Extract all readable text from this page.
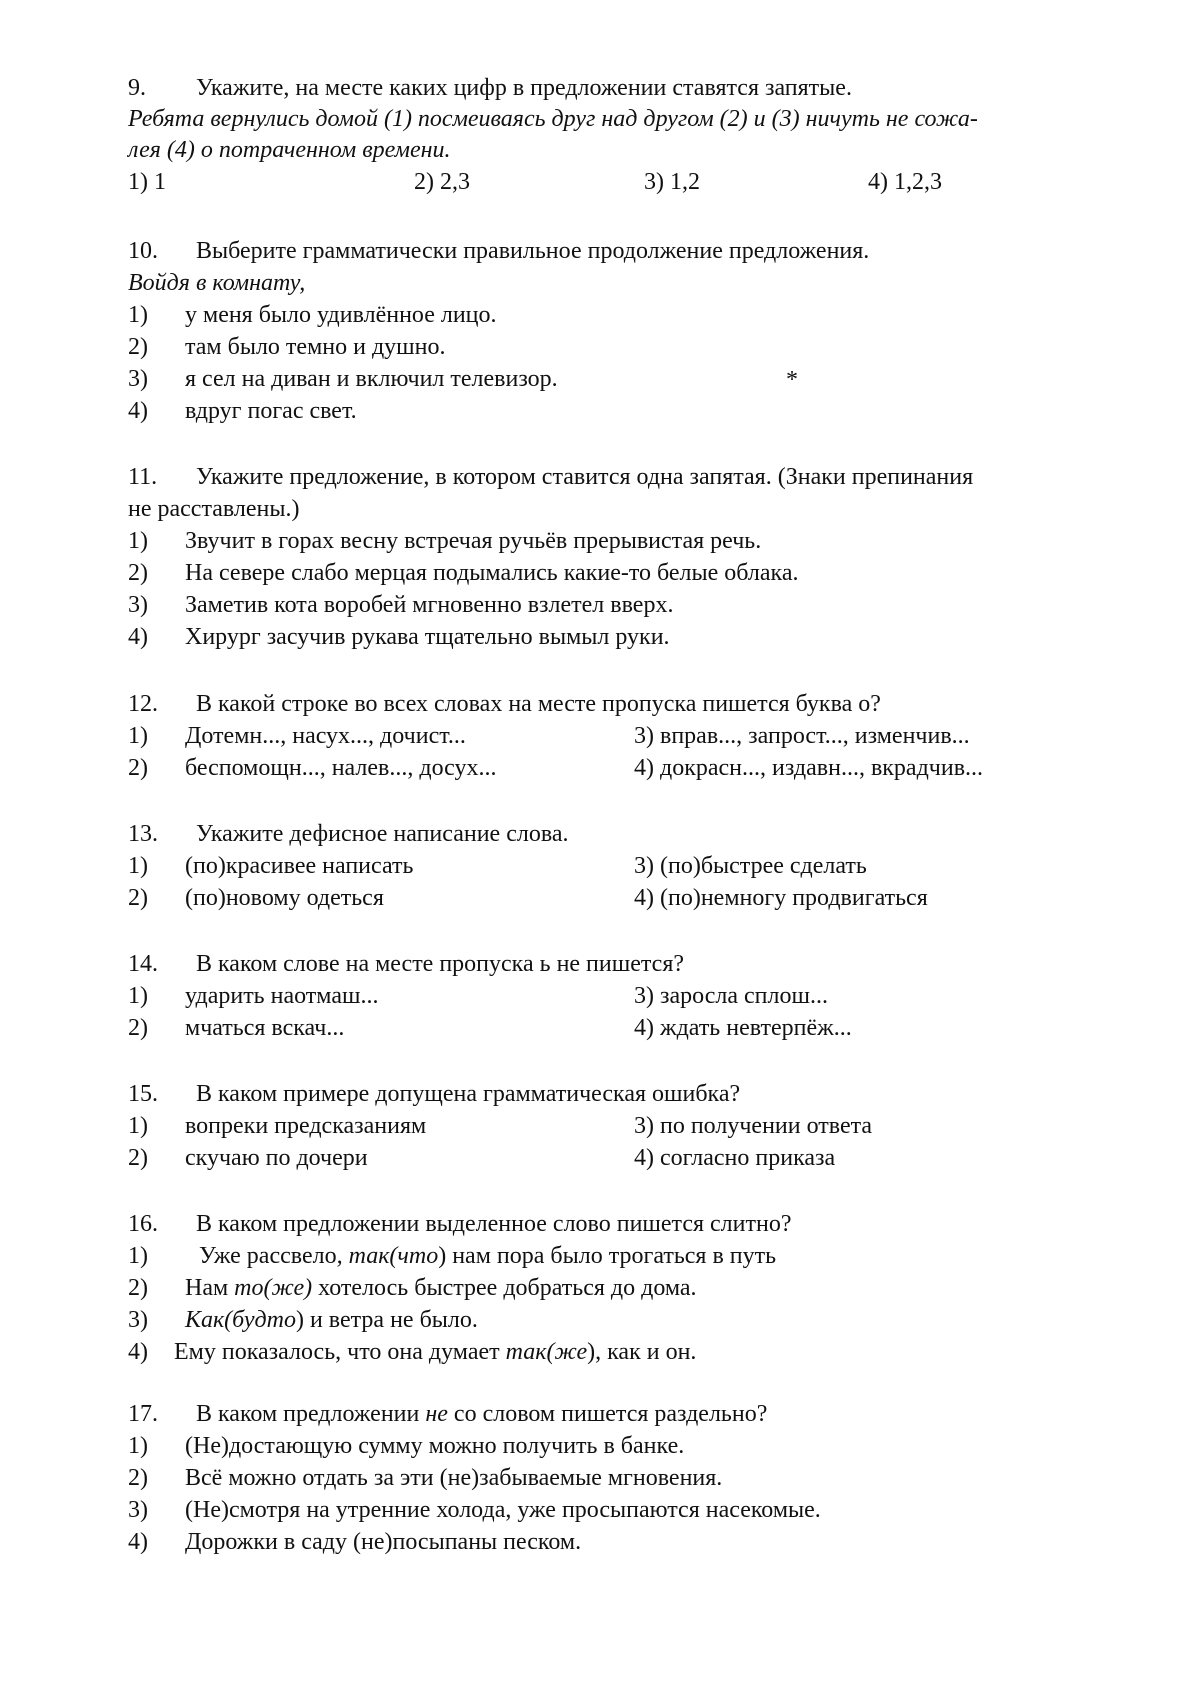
9. Укажите, на месте каких цифр в предложении ставятся запятые.
Ребята вернулись домой (1) посмеиваясь друг над другом (2) и (3) ничуть не сожа-
лея (4) о потраченном времени.
1) 1	2) 2,3	3) 1,2	4) 1,2,3
10. Выберите грамматически правильное продолжение предложения.
Войдя в комнату,
1) у меня было удивлённое лицо.
2) там было темно и душно.
3) я сел на диван и включил телевизор.
4) вдруг погас свет.
*
11. Укажите предложение, в котором ставится одна запятая. (Знаки препинания
не расставлены.)
1) Звучит в горах весну встречая ручьёв прерывистая речь.
2) На севере слабо мерцая подымались какие-то белые облака.
3) Заметив кота воробей мгновенно взлетел вверх.
4) Хирург засучив рукава тщательно вымыл руки.
12. В какой строке во всех словах на месте пропуска пишется буква о?
1) Дотемн..., насух..., дочист...	3) вправ..., запрост..., изменчив...
2) беспомощн..., налев..., досух...	4) докрасн..., издавн..., вкрадчив...
13. Укажите дефисное написание слова.
1) (по)красивее написать	3) (по)быстрее сделать
2) (по)новому одеться	4) (по)немногу продвигаться
14. В каком слове на месте пропуска ь не пишется?
1) ударить наотмаш...	3) заросла сплош...
2) мчаться вскач...	4) ждать невтерпёж...
15. В каком примере допущена грамматическая ошибка?
1) вопреки предсказаниям	3) по получении ответа
2) скучаю по дочери	4) согласно приказа
16. В каком предложении выделенное слово пишется слитно?
1) Уже рассвело, так(что) нам пора было трогаться в путь
2) Нам то(же) хотелось быстрее добраться до дома.
3) Как(будто) и ветра не было.
4) Ему показалось, что она думает так(же), как и он.
17. В каком предложении не со словом пишется раздельно?
1) (Не)достающую сумму можно получить в банке.
2) Всё можно отдать за эти (не)забываемые мгновения.
3) (Не)смотря на утренние холода, уже просыпаются насекомые.
4) Дорожки в саду (не)посыпаны песком.
